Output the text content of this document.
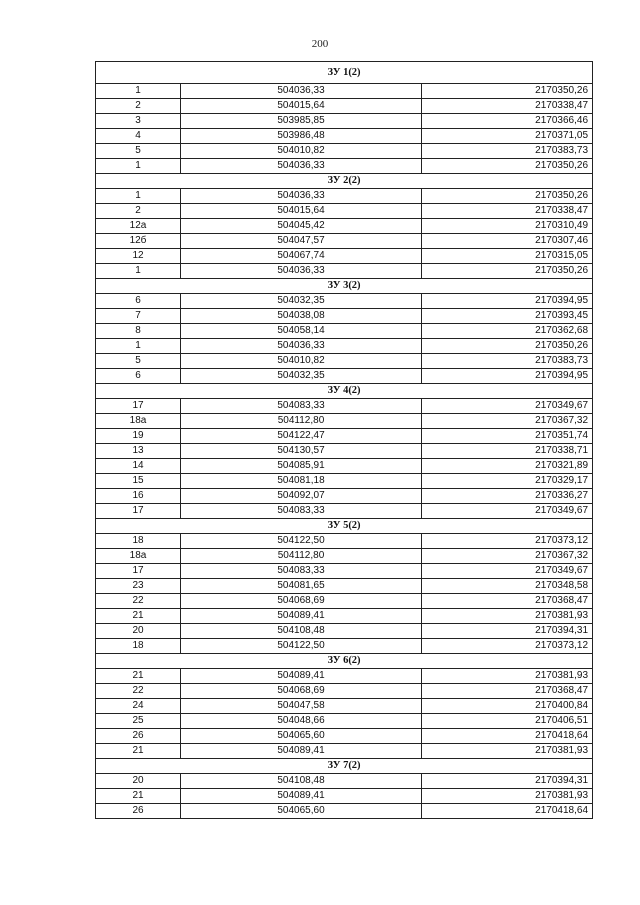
200
ЗУ 1(2)		
1	504036,33	2170350,26
2	504015,64	2170338,47
3	503985,85	2170366,46
4	503986,48	2170371,05
5	504010,82	2170383,73
1	504036,33	2170350,26
ЗУ 2(2)		
1	504036,33	2170350,26
2	504015,64	2170338,47
12а	504045,42	2170310,49
12б	504047,57	2170307,46
12	504067,74	2170315,05
1	504036,33	2170350,26
ЗУ 3(2)		
6	504032,35	2170394,95
7	504038,08	2170393,45
8	504058,14	2170362,68
1	504036,33	2170350,26
5	504010,82	2170383,73
6	504032,35	2170394,95
ЗУ 4(2)		
17	504083,33	2170349,67
18а	504112,80	2170367,32
19	504122,47	2170351,74
13	504130,57	2170338,71
14	504085,91	2170321,89
15	504081,18	2170329,17
16	504092,07	2170336,27
17	504083,33	2170349,67
ЗУ 5(2)		
18	504122,50	2170373,12
18а	504112,80	2170367,32
17	504083,33	2170349,67
23	504081,65	2170348,58
22	504068,69	2170368,47
21	504089,41	2170381,93
20	504108,48	2170394,31
18	504122,50	2170373,12
ЗУ 6(2)		
21	504089,41	2170381,93
22	504068,69	2170368,47
24	504047,58	2170400,84
25	504048,66	2170406,51
26	504065,60	2170418,64
21	504089,41	2170381,93
ЗУ 7(2)		
20	504108,48	2170394,31
21	504089,41	2170381,93
26	504065,60	2170418,64
